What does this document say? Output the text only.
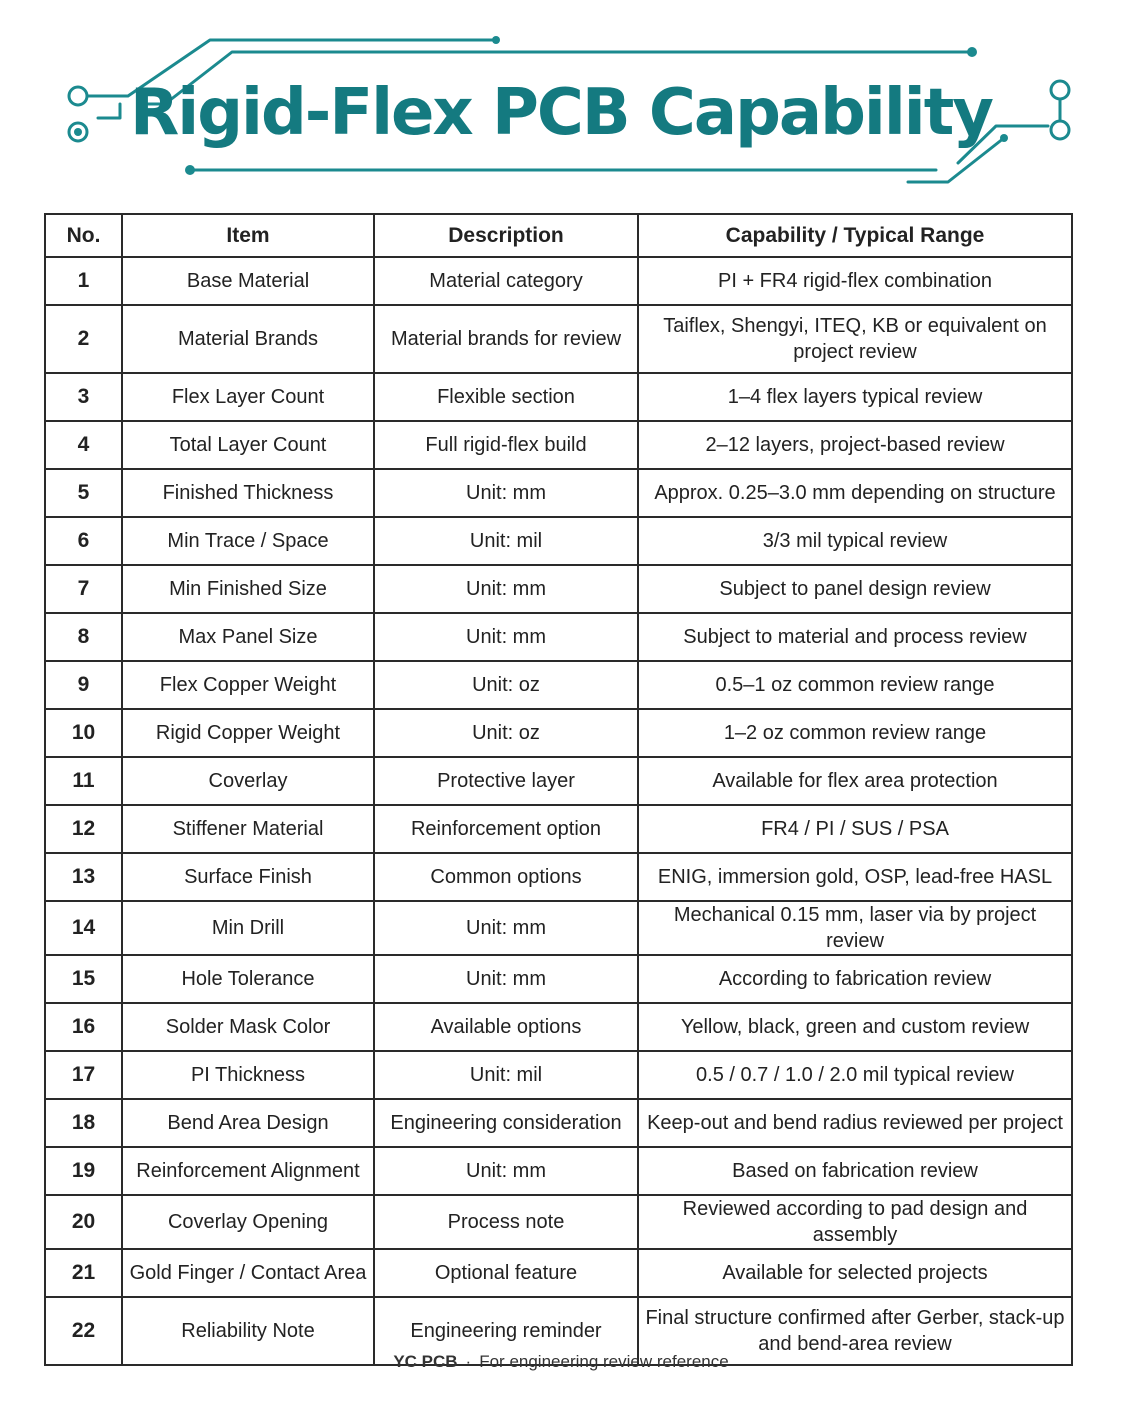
Rigid-Flex PCB Capability
No.	Item	Description	Capability / Typical Range
1	Base Material	Material category	PI + FR4 rigid-flex combination
2	Material Brands	Material brands for review	Taiflex, Shengyi, ITEQ, KB or equivalent on project review
3	Flex Layer Count	Flexible section	1–4 flex layers typical review
4	Total Layer Count	Full rigid-flex build	2–12 layers, project-based review
5	Finished Thickness	Unit: mm	Approx. 0.25–3.0 mm depending on structure
6	Min Trace / Space	Unit: mil	3/3 mil typical review
7	Min Finished Size	Unit: mm	Subject to panel design review
8	Max Panel Size	Unit: mm	Subject to material and process review
9	Flex Copper Weight	Unit: oz	0.5–1 oz common review range
10	Rigid Copper Weight	Unit: oz	1–2 oz common review range
11	Coverlay	Protective layer	Available for flex area protection
12	Stiffener Material	Reinforcement option	FR4 / PI / SUS / PSA
13	Surface Finish	Common options	ENIG, immersion gold, OSP, lead-free HASL
14	Min Drill	Unit: mm	Mechanical 0.15 mm, laser via by project review
15	Hole Tolerance	Unit: mm	According to fabrication review
16	Solder Mask Color	Available options	Yellow, black, green and custom review
17	PI Thickness	Unit: mil	0.5 / 0.7 / 1.0 / 2.0 mil typical review
18	Bend Area Design	Engineering consideration	Keep-out and bend radius reviewed per project
19	Reinforcement Alignment	Unit: mm	Based on fabrication review
20	Coverlay Opening	Process note	Reviewed according to pad design and assembly
21	Gold Finger / Contact Area	Optional feature	Available for selected projects
22	Reliability Note	Engineering reminder	Final structure confirmed after Gerber, stack-up and bend-area review
YC PCB · For engineering review reference
